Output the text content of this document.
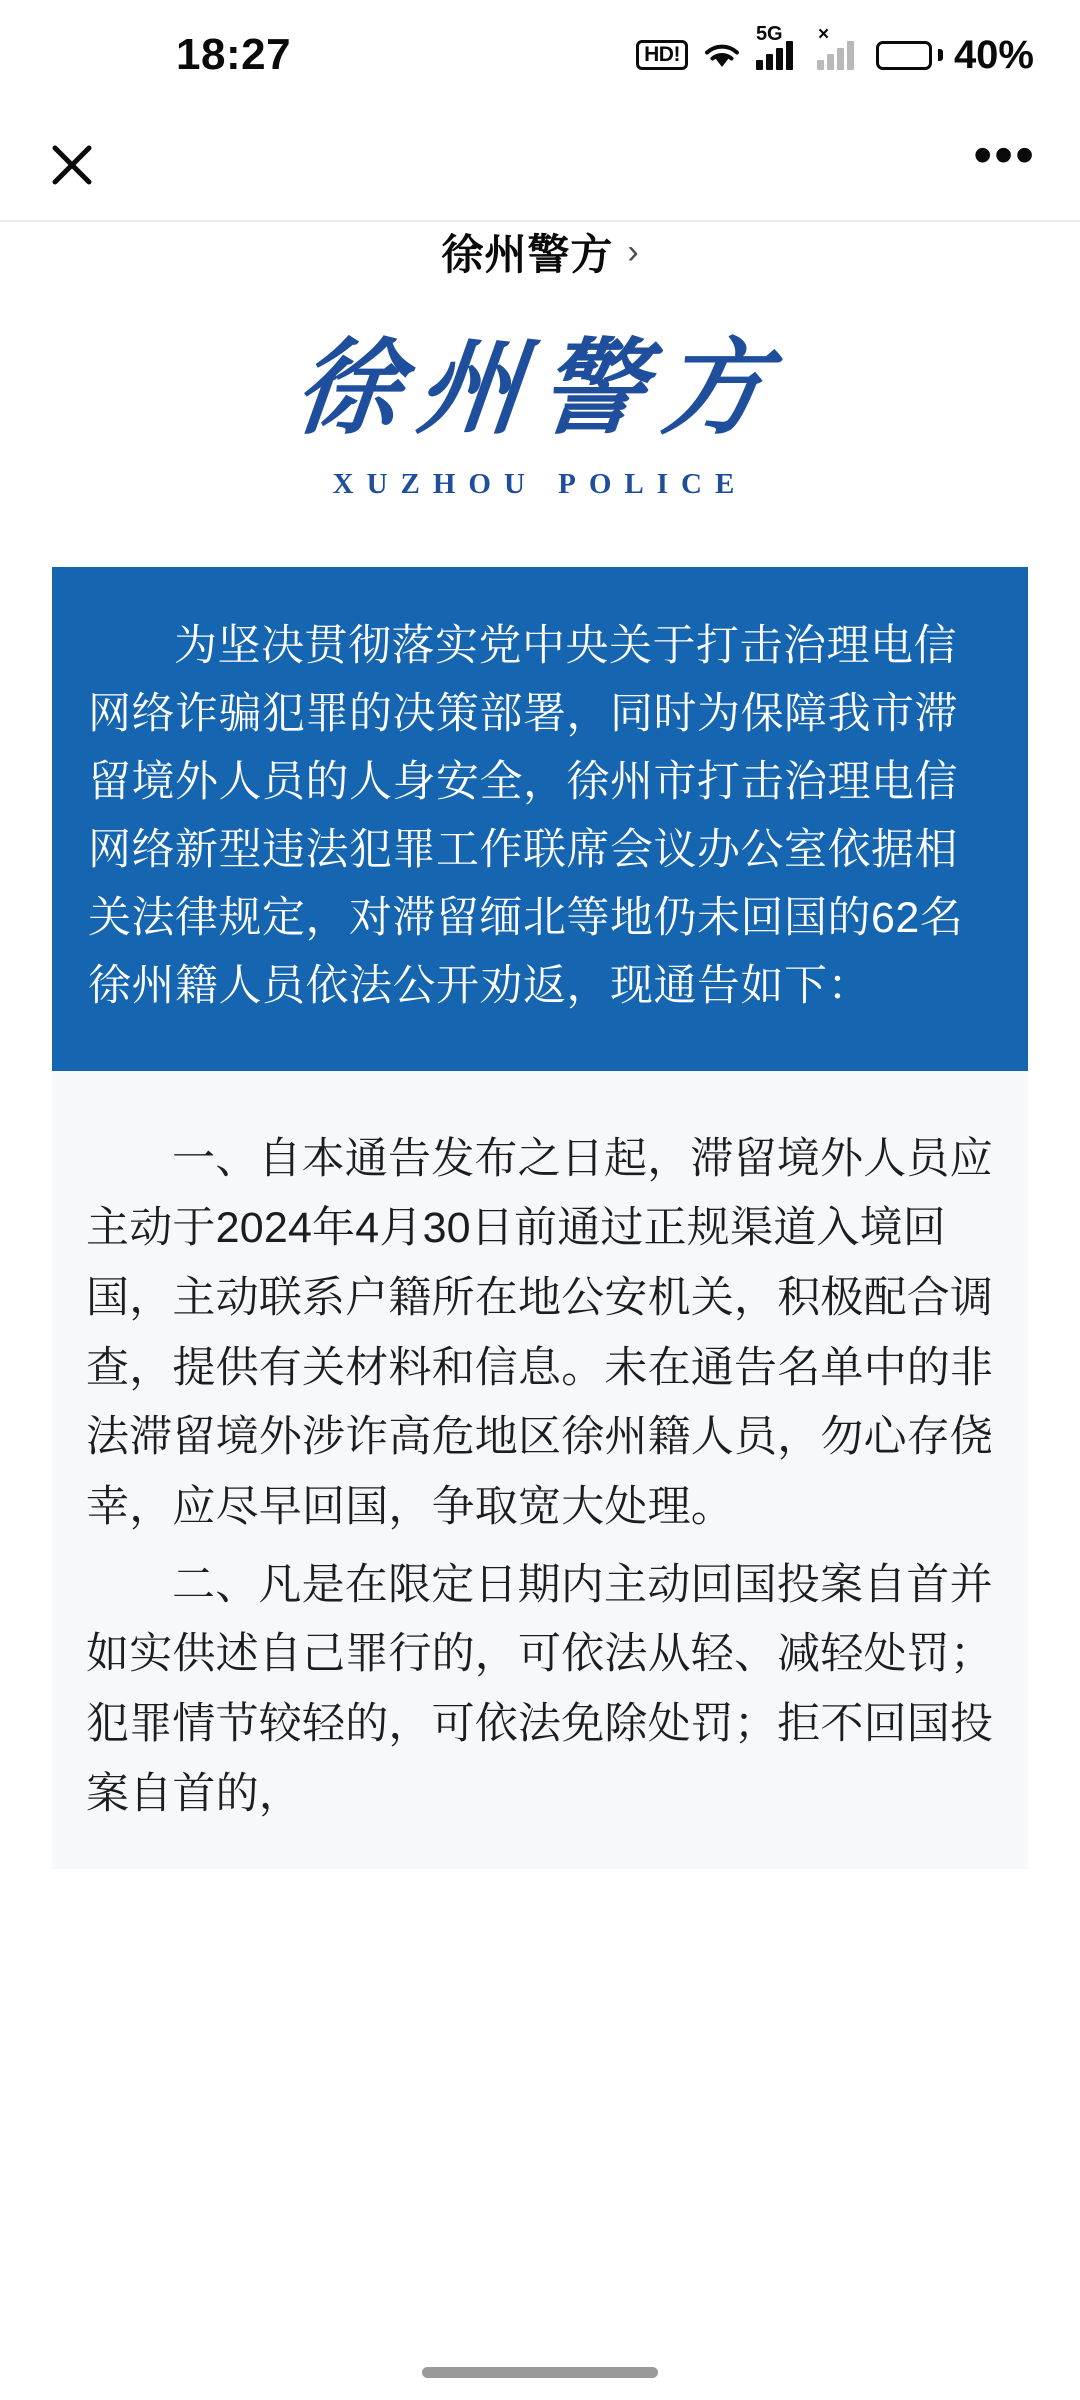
18:27	HD!
5G ×	40%
•••
徐州警方 ›
徐州警方
XUZHOU POLICE

为坚决贯彻落实党中央关于打击治理电信网络诈骗犯罪的决策部署，同时为保障我市滞留境外人员的人身安全，徐州市打击治理电信网络新型违法犯罪工作联席会议办公室依据相关法律规定，对滞留缅北等地仍未回国的62名徐州籍人员依法公开劝返，现通告如下：

一、自本通告发布之日起，滞留境外人员应主动于2024年4月30日前通过正规渠道入境回国，主动联系户籍所在地公安机关，积极配合调查，提供有关材料和信息。未在通告名单中的非法滞留境外涉诈高危地区徐州籍人员，勿心存侥幸，应尽早回国，争取宽大处理。

二、凡是在限定日期内主动回国投案自首并如实供述自己罪行的，可依法从轻、减轻处罚；犯罪情节较轻的，可依法免除处罚；拒不回国投案自首的，
